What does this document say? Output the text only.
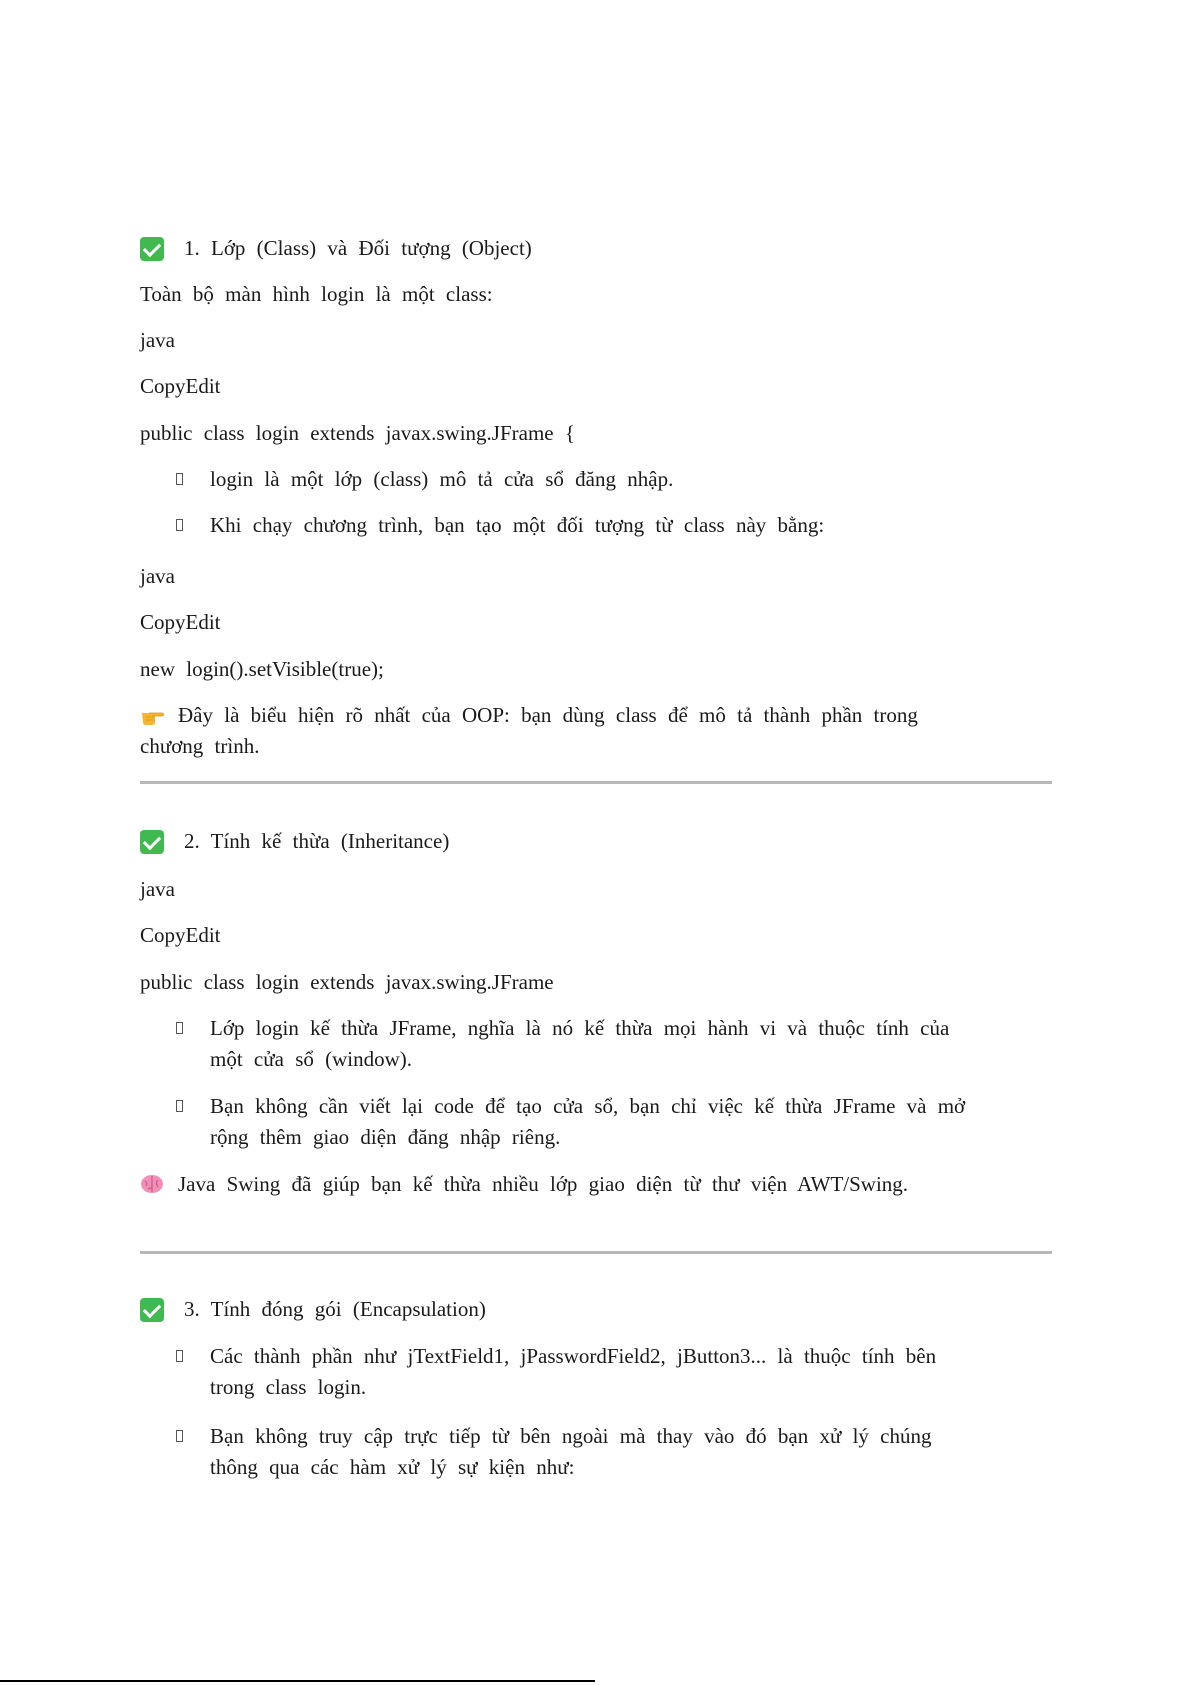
1. Lớp (Class) và Đối tượng (Object)
Toàn bộ màn hình login là một class:
java
CopyEdit
public class login extends javax.swing.JFrame {
login là một lớp (class) mô tả cửa sổ đăng nhập.
Khi chạy chương trình, bạn tạo một đối tượng từ class này bằng:
java
CopyEdit
new login().setVisible(true);
Đây là biểu hiện rõ nhất của OOP: bạn dùng class để mô tả thành phần trong chương trình.
2. Tính kế thừa (Inheritance)
java
CopyEdit
public class login extends javax.swing.JFrame
Lớp login kế thừa JFrame, nghĩa là nó kế thừa mọi hành vi và thuộc tính của một cửa sổ (window).
Bạn không cần viết lại code để tạo cửa sổ, bạn chỉ việc kế thừa JFrame và mở rộng thêm giao diện đăng nhập riêng.
Java Swing đã giúp bạn kế thừa nhiều lớp giao diện từ thư viện AWT/Swing.
3. Tính đóng gói (Encapsulation)
Các thành phần như jTextField1, jPasswordField2, jButton3... là thuộc tính bên trong class login.
Bạn không truy cập trực tiếp từ bên ngoài mà thay vào đó bạn xử lý chúng thông qua các hàm xử lý sự kiện như:
